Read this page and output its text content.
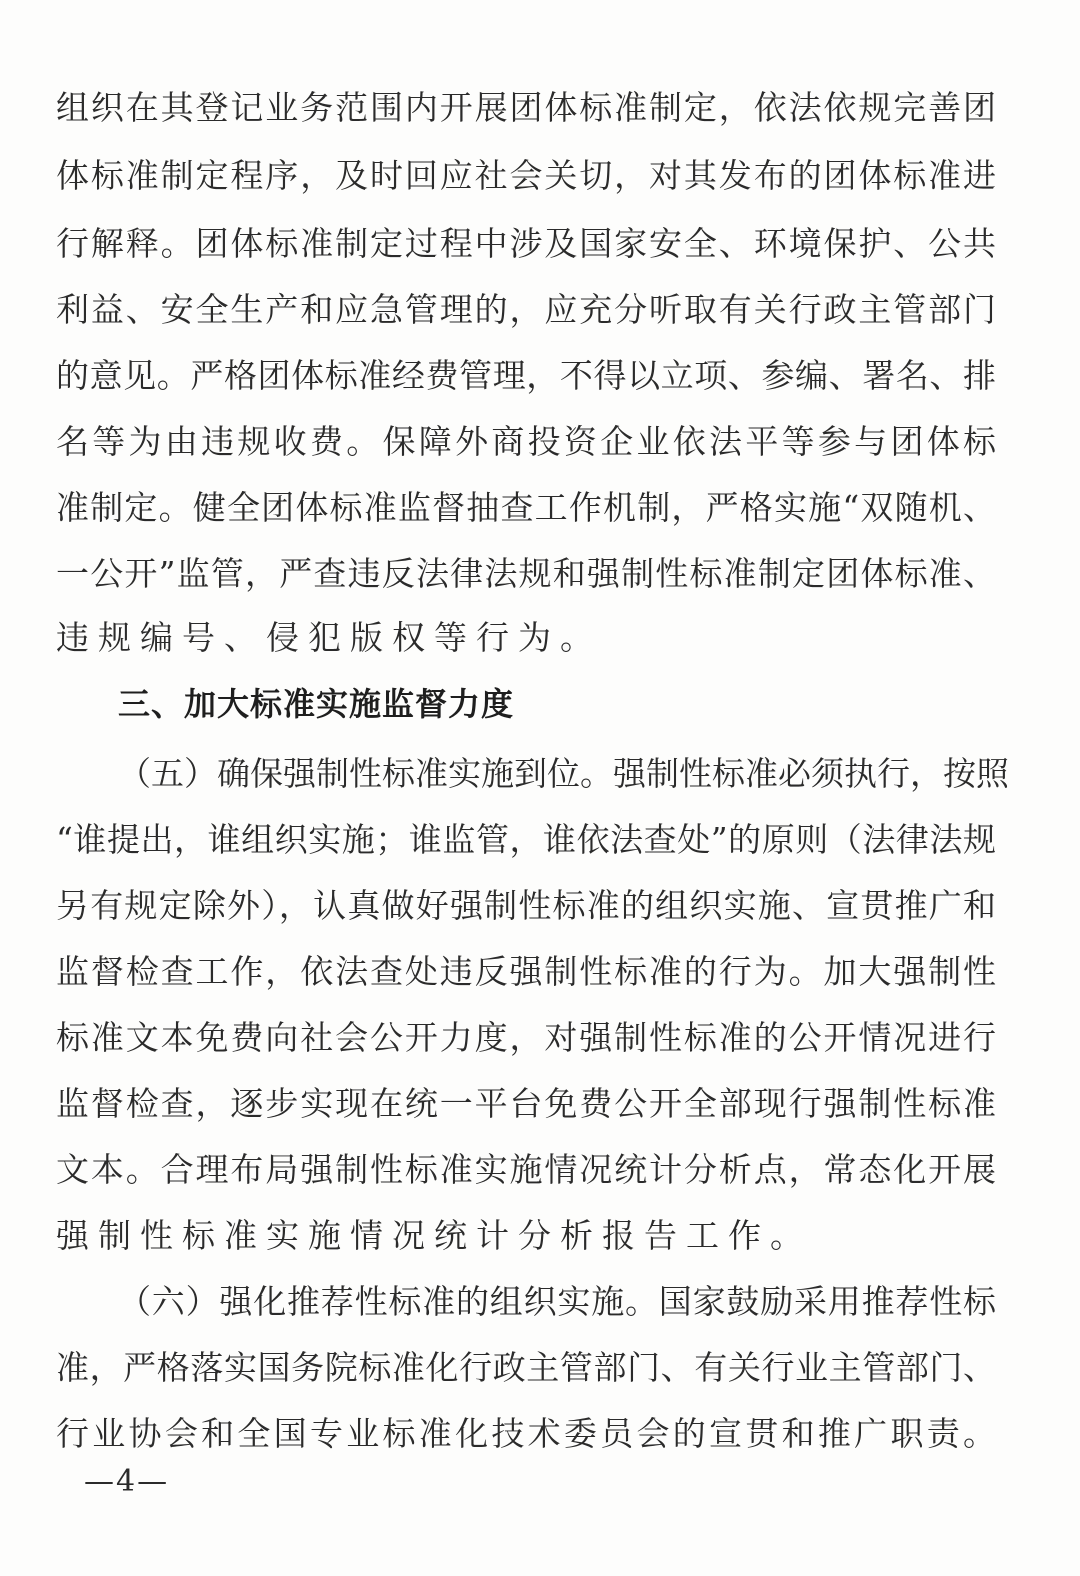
组织在其登记业务范围内开展团体标准制定，依法依规完善团
体标准制定程序，及时回应社会关切，对其发布的团体标准进
行解释。团体标准制定过程中涉及国家安全、环境保护、公共
利益、安全生产和应急管理的，应充分听取有关行政主管部门
的意见。严格团体标准经费管理，不得以立项、参编、署名、排
名等为由违规收费。保障外商投资企业依法平等参与团体标
准制定。健全团体标准监督抽查工作机制，严格实施“双随机、
一公开”监管，严查违反法律法规和强制性标准制定团体标准、
违规编号、侵犯版权等行为。
三、加大标准实施监督力度
（五）确保强制性标准实施到位。强制性标准必须执行，按照
“谁提出，谁组织实施；谁监管，谁依法查处”的原则（法律法规
另有规定除外），认真做好强制性标准的组织实施、宣贯推广和
监督检查工作，依法查处违反强制性标准的行为。加大强制性
标准文本免费向社会公开力度，对强制性标准的公开情况进行
监督检查，逐步实现在统一平台免费公开全部现行强制性标准
文本。合理布局强制性标准实施情况统计分析点，常态化开展
强制性标准实施情况统计分析报告工作。
（六）强化推荐性标准的组织实施。国家鼓励采用推荐性标
准，严格落实国务院标准化行政主管部门、有关行业主管部门、
行业协会和全国专业标准化技术委员会的宣贯和推广职责。
—4—
